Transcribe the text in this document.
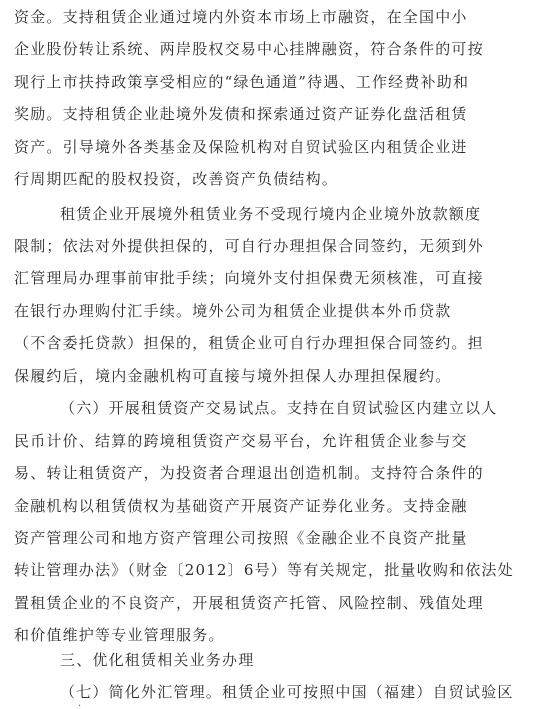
资金。支持租赁企业通过境内外资本市场上市融资，在全国中小
企业股份转让系统、两岸股权交易中心挂牌融资，符合条件的可按
现行上市扶持政策享受相应的“绿色通道”待遇、工作经费补助和
奖励。支持租赁企业赴境外发债和探索通过资产证券化盘活租赁
资产。引导境外各类基金及保险机构对自贸试验区内租赁企业进
行周期匹配的股权投资，改善资产负债结构。
租赁企业开展境外租赁业务不受现行境内企业境外放款额度
限制；依法对外提供担保的，可自行办理担保合同签约，无须到外
汇管理局办理事前审批手续；向境外支付担保费无须核准，可直接
在银行办理购付汇手续。境外公司为租赁企业提供本外币贷款
（不含委托贷款）担保的，租赁企业可自行办理担保合同签约。担
保履约后，境内金融机构可直接与境外担保人办理担保履约。
（六）开展租赁资产交易试点。支持在自贸试验区内建立以人
民币计价、结算的跨境租赁资产交易平台，允许租赁企业参与交
易、转让租赁资产，为投资者合理退出创造机制。支持符合条件的
金融机构以租赁债权为基础资产开展资产证券化业务。支持金融
资产管理公司和地方资产管理公司按照《金融企业不良资产批量
转让管理办法》（财金〔2012〕6号）等有关规定，批量收购和依法处
置租赁企业的不良资产，开展租赁资产托管、风险控制、残值处理
和价值维护等专业管理服务。
三、优化租赁相关业务办理
（七）简化外汇管理。租赁企业可按照中国（福建）自贸试验区
.
